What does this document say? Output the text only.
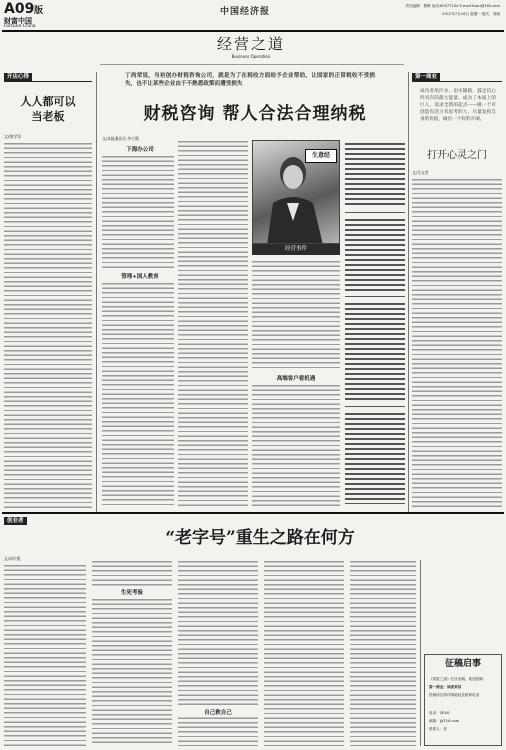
A09 版
财富中国
Fortune China
中国经济报
责任编辑：黎梅 电话:60377234 E-mail:fuwu@163.com
2012年7月16日 星期一 版式：刘晓
开店心得
人人都可以
当老板
文/唐学军
经营之道
Business Operation
丁尚荣说，当初创办财税咨询公司，就是为了在税收方面给予企业帮助，让国家的正常税收不受损失，也不让某些企业由于不熟悉政策而遭受损失
财税咨询 帮人合法合理纳税
文/本报通讯员 李小强
下海办公司
管理+国人教育
生意经
经营事件
高端客户看机遇
第一商业
成功者用汗水、泪水铺路，鼓足信心所具有的最大能量、成为了本质上的巨人，追求全新的起点——做一个有创造有活力有思考的人，尽量发挥自身的价值，做出一个好的开端。
打开心灵之门
文/写文者
创业者
“老字号”重生之路在何方
文/周宗俊
生死考验
自己救自己
征稿启事
《财富之道》栏目征稿，欢迎投稿：
第一商业：读者来信
投稿请注明详细地址及联系电话
电话：(400)
邮箱：@126.com
联系人：张
